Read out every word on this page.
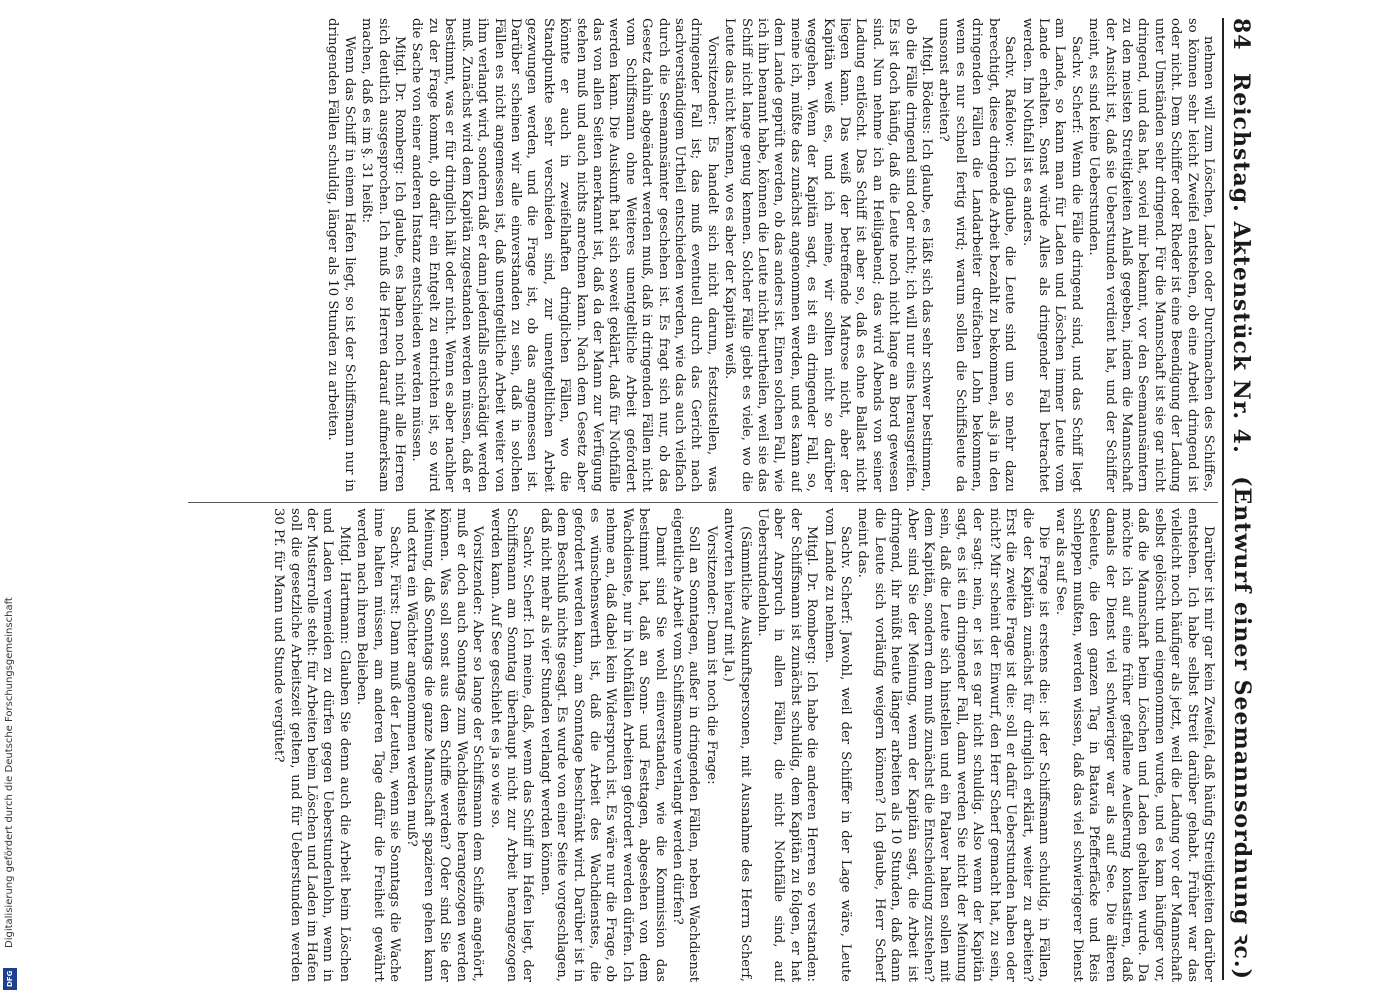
84
Reichstag. Aktenstück Nr. 4.
(Entwurf einer Seemannsordnung ꝛc.)

nehmen will zum Löschen, Laden oder Durchmachen des Schiffes, so können sehr leicht Zweifel entstehen, ob eine Arbeit dringend ist oder nicht. Dem Schiffer oder Rheder ist eine Beendigung der Ladung unter Umständen sehr dringend. Für die Mannschaft ist sie gar nicht dringend, und das hat, soviel mir bekannt, vor den Seemannsämtern zu den meisten Streitigkeiten Anlaß gegeben, indem die Mannschaft der Ansicht ist, daß sie Ueberstunden verdient hat, und der Schiffer meint, es sind keine Ueberstunden.

Sachv. Scherf: Wenn die Fälle dringend sind, und das Schiff liegt am Lande, so kann man für Laden und Löschen immer Leute vom Lande erhalten. Sonst würde Alles als dringender Fall betrachtet werden. Im Nothfall ist es anders.

Sachv. Rafelow: Ich glaube, die Leute sind um so mehr dazu berechtigt, diese dringende Arbeit bezahlt zu bekommen, als ja in den dringenden Fällen die Landarbeiter dreifachen Lohn bekommen, wenn es nur schnell fertig wird; warum sollen die Schiffsleute da umsonst arbeiten?

Mitgl. Bödeus: Ich glaube, es läßt sich das sehr schwer bestimmen, ob die Fälle dringend sind oder nicht; ich will nur eins herausgreifen. Es ist doch häufig, daß die Leute noch nicht lange an Bord gewesen sind. Nun nehme ich an Heiligabend; das wird Abends von seiner Ladung entlöscht. Das Schiff ist aber so, daß es ohne Ballast nicht liegen kann. Das weiß der betreffende Matrose nicht, aber der Kapitän weiß es, und ich meine, wir sollten nicht so darüber weggehen. Wenn der Kapitän sagt, es ist ein dringender Fall, so, meine ich, müßte das zunächst angenommen werden, und es kann auf dem Lande geprüft werden, ob das anders ist. Einen solchen Fall, wie ich ihn benannt habe, können die Leute nicht beurtheilen, weil sie das Schiff nicht lange genug kennen. Solcher Fälle giebt es viele, wo die Leute das nicht kennen, wo es aber der Kapitän weiß.

Vorsitzender: Es handelt sich nicht darum, festzustellen, was dringender Fall ist; das muß eventuell durch das Gericht nach sachverständigem Urtheil entschieden werden, wie das auch vielfach durch die Seemannsämter geschehen ist. Es fragt sich nur, ob das Gesetz dahin abgeändert werden muß, daß in dringenden Fällen nicht vom Schiffsmann ohne Weiteres unentgeltliche Arbeit gefordert werden kann. Die Auskunft hat sich soweit geklärt, daß für Nothfälle das von allen Seiten anerkannt ist, daß da der Mann zur Verfügung stehen muß und auch nichts anrechnen kann. Nach dem Gesetz aber könnte er auch in zweifelhaften dringlichen Fällen, wo die Standpunkte sehr verschieden sind, zur unentgeltlichen Arbeit gezwungen werden, und die Frage ist, ob das angemessen ist. Darüber scheinen wir alle einverstanden zu sein, daß in solchen Fällen es nicht angemessen ist, daß unentgeltliche Arbeit weiter von ihm verlangt wird, sondern daß er dann jedenfalls entschädigt werden muß. Zunächst wird dem Kapitän zugestanden werden müssen, daß er bestimmt, was er für dringlich hält oder nicht. Wenn es aber nachher zu der Frage kommt, ob dafür ein Entgelt zu entrichten ist, so wird die Sache von einer anderen Instanz entschieden werden müssen.

Mitgl. Dr. Romberg: Ich glaube, es haben noch nicht alle Herren sich deutlich ausgesprochen. Ich muß die Herren darauf aufmerksam machen, daß es im §. 31 heißt:

Wenn das Schiff in einem Hafen liegt, so ist der Schiffsmann nur in dringenden Fällen schuldig, länger als 10 Stunden zu arbeiten.

Darüber ist mir gar kein Zweifel, daß häufig Streitigkeiten darüber entstehen. Ich habe selbst Streit darüber gehabt. Früher war das vielleicht noch häufiger als jetzt, weil die Ladung vor der Mannschaft selbst gelöscht und eingenommen wurde, und es kam häufiger vor, daß die Mannschaft beim Löschen und Laden gehalten wurde. Da möchte ich auf eine früher gefallene Aeußerung kontastiren, daß damals der Dienst viel schwieriger war als auf See. Die älteren Seeleute, die den ganzen Tag in Batavia Pfefferfäcke und Reis schleppen mußten, werden wissen, daß das viel schwierigerer Dienst war als auf See.

Die Frage ist erstens die: ist der Schiffsmann schuldig, in Fällen, die der Kapitän zunächst für dringlich erklärt, weiter zu arbeiten? Erst die zweite Frage ist die: soll er dafür Ueberstunden haben oder nicht? Mir scheint der Einwurf, den Herr Scherf gemacht hat, zu sein, der sagt: nein, er ist es gar nicht schuldig. Also wenn der Kapitän sagt, es ist ein dringender Fall, dann werden Sie nicht der Meinung sein, daß die Leute sich hinstellen und ein Palaver halten sollen mit dem Kapitän, sondern dem muß zunächst die Entscheidung zustehen? Aber sind Sie der Meinung, wenn der Kapitän sagt, die Arbeit ist dringend, ihr müßt heute länger arbeiten als 10 Stunden, daß dann die Leute sich vorläufig weigern können? Ich glaube, Herr Scherf meint das.

Sachv. Scherf: Jawohl, weil der Schiffer in der Lage wäre, Leute vom Lande zu nehmen.

Mitgl. Dr. Romberg: Ich habe die anderen Herren so verstanden: der Schiffsmann ist zunächst schuldig, dem Kapitän zu folgen, er hat aber Anspruch in allen Fällen, die nicht Nothfälle sind, auf Ueberstundenlohn.

(Sämmtliche Auskunftspersonen, mit Ausnahme des Herrn Scherf, antworten hierauf mit Ja.)

Vorsitzender: Dann ist noch die Frage:

Soll an Sonntagen, außer in dringenden Fällen, neben Wachdienst eigentliche Arbeit vom Schiffsmanne verlangt werden dürfen?

Damit sind Sie wohl einverstanden, wie die Kommission das bestimmt hat, daß an Sonn- und Festtagen, abgesehen von dem Wachdienste, nur in Nothfällen Arbeiten gefordert werden dürfen. Ich nehme an, daß dabei kein Widerspruch ist. Es wäre nur die Frage, ob es wünschenswerth ist, daß die Arbeit des Wachdienstes, die gefordert werden kann, am Sonntage beschränkt wird. Darüber ist in dem Beschluß nichts gesagt. Es wurde von einer Seite vorgeschlagen, daß nicht mehr als vier Stunden verlangt werden können.

Sachv. Scherf: Ich meine, daß, wenn das Schiff im Hafen liegt, der Schiffsmann am Sonntag überhaupt nicht zur Arbeit herangezogen werden kann. Auf See geschieht es ja so wie so.

Vorsitzender: Aber so lange der Schiffsmann dem Schiffe angehört, muß er doch auch Sonntags zum Wachdienste herangezogen werden können. Was soll sonst aus dem Schiffe werden? Oder sind Sie der Meinung, daß Sonntags die ganze Mannschaft spazieren gehen kann und extra ein Wächter angenommen werden muß?

Sachv. Fürst: Dann muß der Leuten, wenn sie Sonntags die Wache inne halten müssen, am anderen Tage dafür die Freiheit gewährt werden nach ihrem Belieben.

Mitgl. Hartmann: Glauben Sie denn auch die Arbeit beim Löschen und Laden vermeiden zu dürfen gegen Ueberstundenlohn, wenn in der Musterrolle steht: für Arbeiten beim Löschen und Laden im Hafen soll die gesetzliche Arbeitszeit gelten, und für Ueberstunden werden 30 Pf. für Mann und Stunde vergütet?

Digitalisierung gefördert durch die Deutsche Forschungsgemeinschaft
DFG
